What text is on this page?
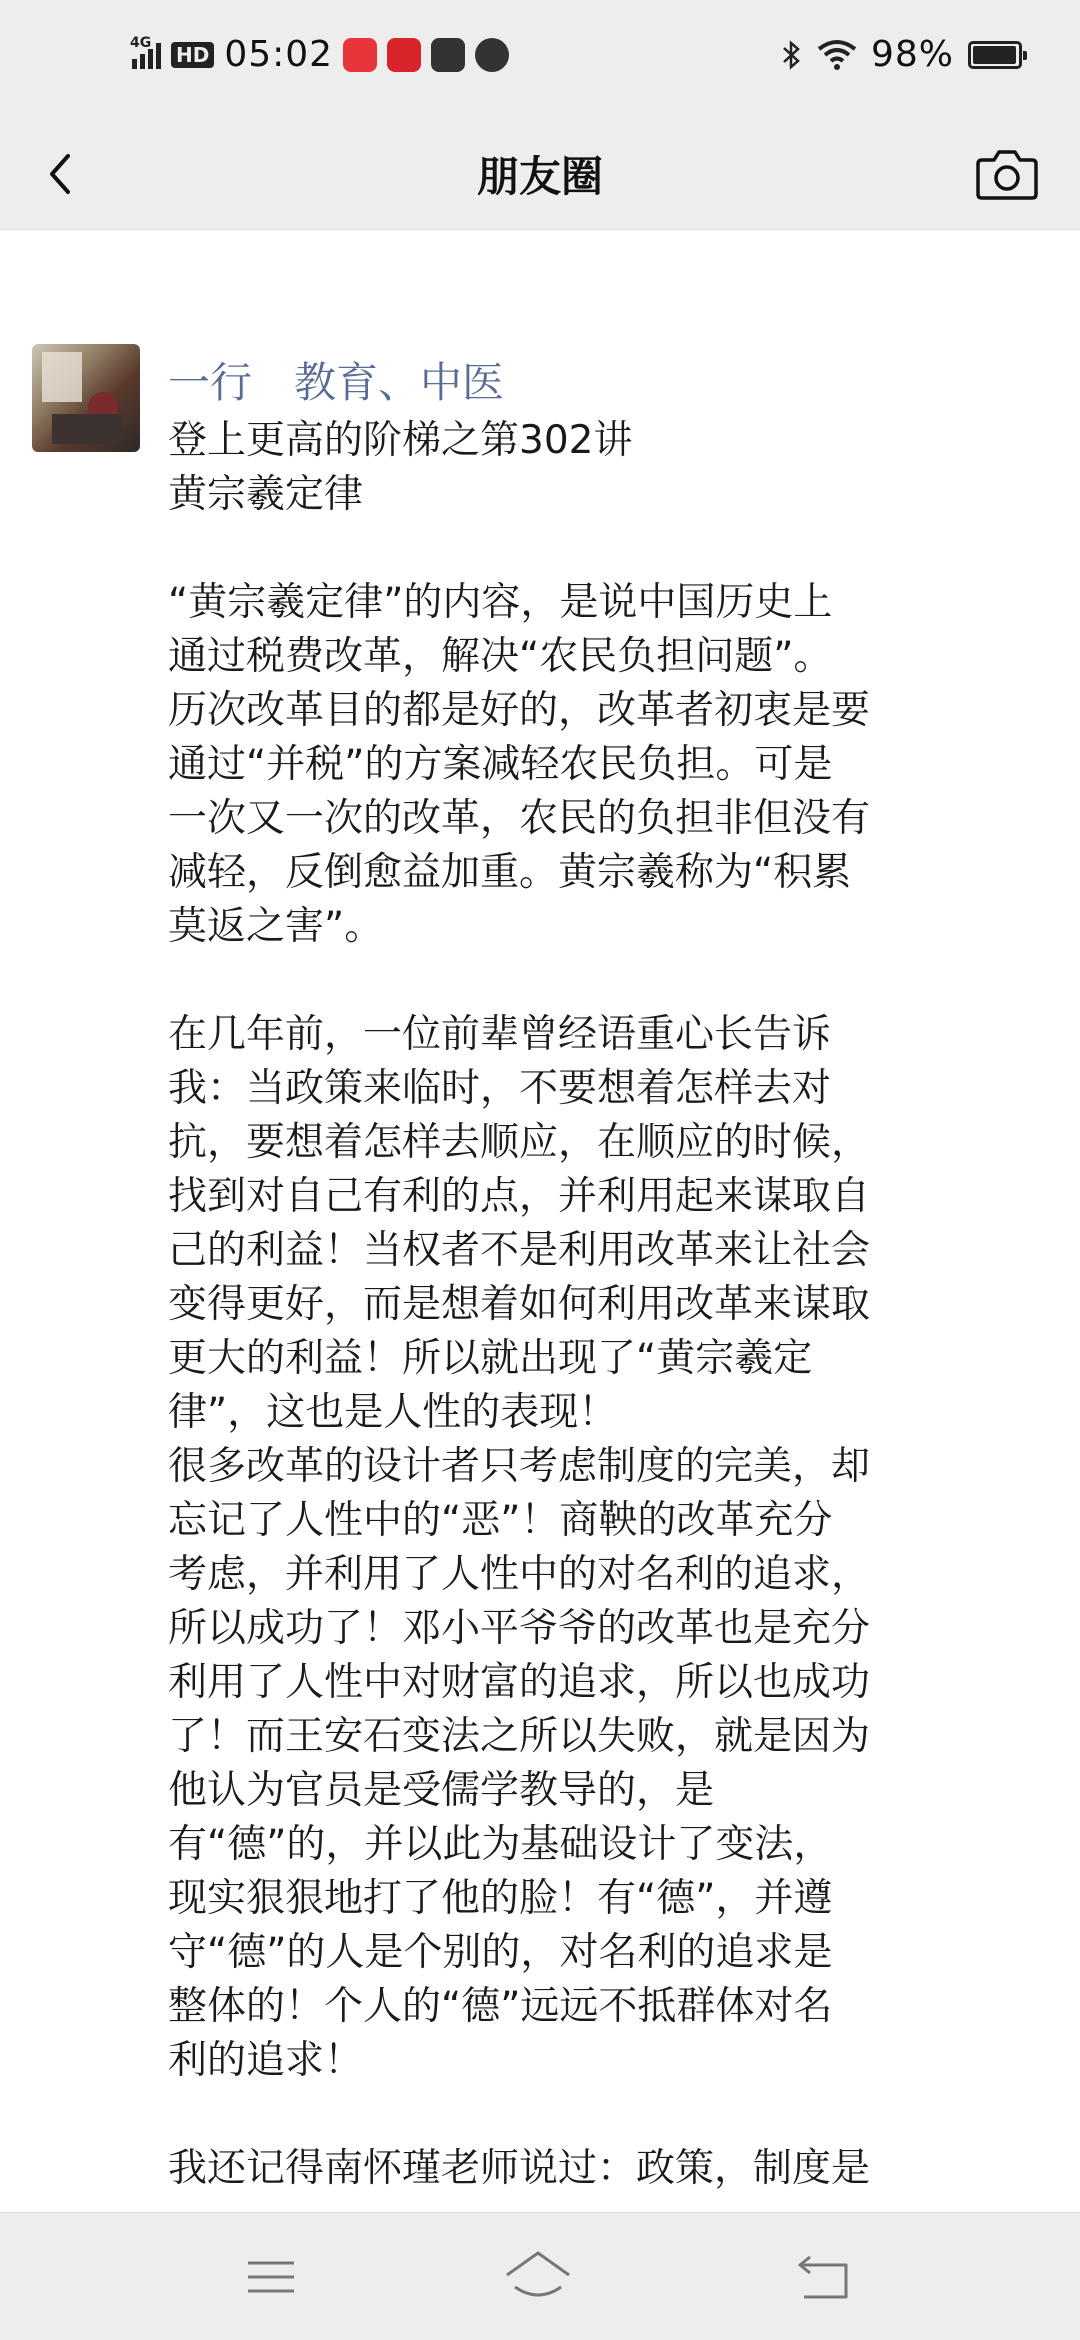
4G HD 05:02	98%
朋友圈
一行　教育、中医
登上更高的阶梯之第302讲
黄宗羲定律
“黄宗羲定律”的内容，是说中国历史上
通过税费改革，解决“农民负担问题”。
历次改革目的都是好的，改革者初衷是要
通过“并税”的方案减轻农民负担。可是
一次又一次的改革，农民的负担非但没有
减轻，反倒愈益加重。黄宗羲称为“积累
莫返之害”。
在几年前，一位前辈曾经语重心长告诉
我：当政策来临时，不要想着怎样去对
抗，要想着怎样去顺应，在顺应的时候，
找到对自己有利的点，并利用起来谋取自
己的利益！当权者不是利用改革来让社会
变得更好，而是想着如何利用改革来谋取
更大的利益！所以就出现了“黄宗羲定
律”，这也是人性的表现！
很多改革的设计者只考虑制度的完美，却
忘记了人性中的“恶”！商鞅的改革充分
考虑，并利用了人性中的对名利的追求，
所以成功了！邓小平爷爷的改革也是充分
利用了人性中对财富的追求，所以也成功
了！而王安石变法之所以失败，就是因为
他认为官员是受儒学教导的，是
有“德”的，并以此为基础设计了变法，
现实狠狠地打了他的脸！有“德”，并遵
守“德”的人是个别的，对名利的追求是
整体的！个人的“德”远远不抵群体对名
利的追求！
我还记得南怀瑾老师说过：政策，制度是
